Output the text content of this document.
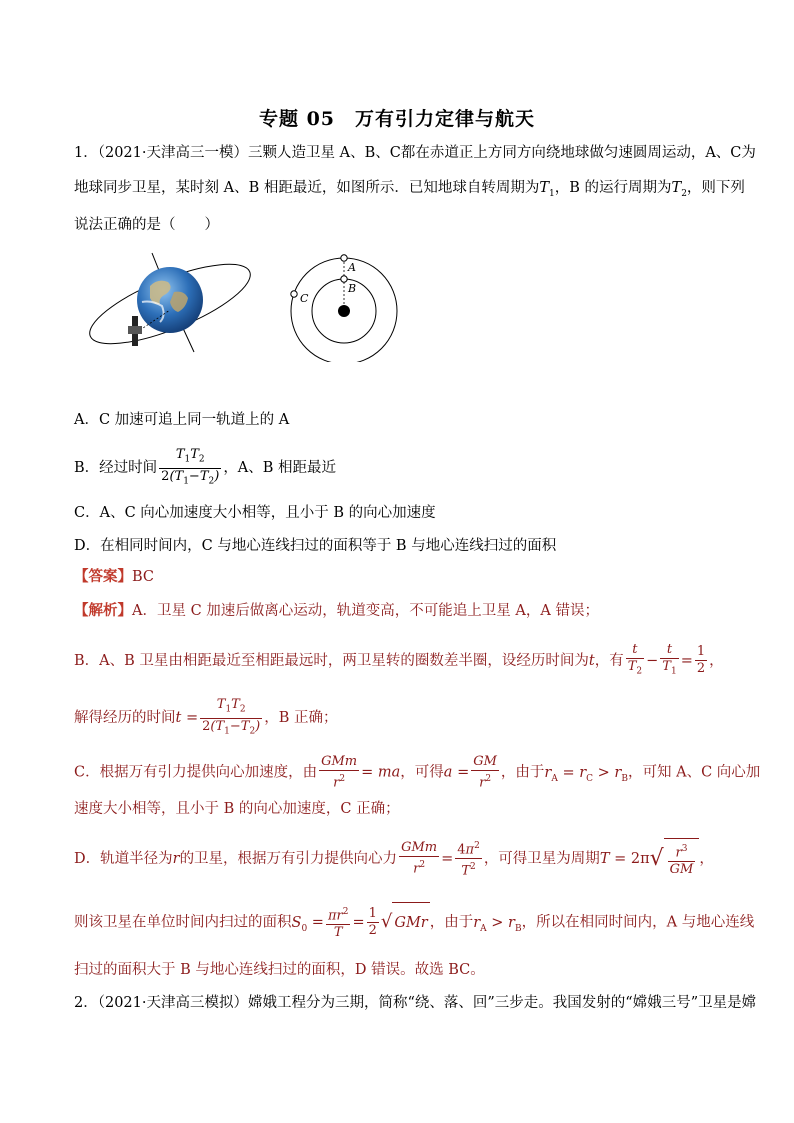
专题 05　万有引力定律与航天
1．（2021·天津高三一模）三颗人造卫星 A、B、C都在赤道正上方同方向绕地球做匀速圆周运动，A、C为
地球同步卫星，某时刻 A、B 相距最近，如图所示．已知地球自转周期为$T_1$，B 的运行周期为$T_2$，则下列
说法正确的是（　　）
A
B
C
A．C 加速可追上同一轨道上的 A
B．经过时间 $\frac{T_1T_2}{2(T_1-T_2)}$ ，A、B 相距最近
C．A、C 向心加速度大小相等，且小于 B 的向心加速度
D．在相同时间内，C 与地心连线扫过的面积等于 B 与地心连线扫过的面积
【答案】BC
【解析】A．卫星 C 加速后做离心运动，轨道变高，不可能追上卫星 A，A 错误；
B．A、B 卫星由相距最近至相距最远时，两卫星转的圈数差半圈，设经历时间为t，有 $\frac{t}{T_2} - \frac{t}{T_1} = \frac{1}{2}$ ，
解得经历的时间$t = \frac{T_1T_2}{2(T_1-T_2)}$ ，B 正确；
C．根据万有引力提供向心加速度，由 $\frac{\text{GMm}}{r^2}$ = ma，可得$a = \frac{GM}{r^2}$ ，由于$r_A = r_C > r_B$，可知 A、C 向心加
速度大小相等，且小于 B 的向心加速度，C 正确；
D．轨道半径为r的卫星，根据万有引力提供向心力 $\frac{\text{GMm}}{r^2} = \frac{4\pi^2}{T^2}$ ，可得卫星为周期$T = 2\pi√ \frac{r^3}{GM}$ ，
则该卫星在单位时间内扫过的面积$S_0 = \frac{\pi r^2}{T} = \frac{1}{2}$ √ GMr ，由于$r_A > r_B$，所以在相同时间内，A 与地心连线
扫过的面积大于 B 与地心连线扫过的面积，D 错误。故选 BC。
2．（2021·天津高三模拟）嫦娥工程分为三期，简称“绕、落、回”三步走。我国发射的“嫦娥三号”卫星是嫦
